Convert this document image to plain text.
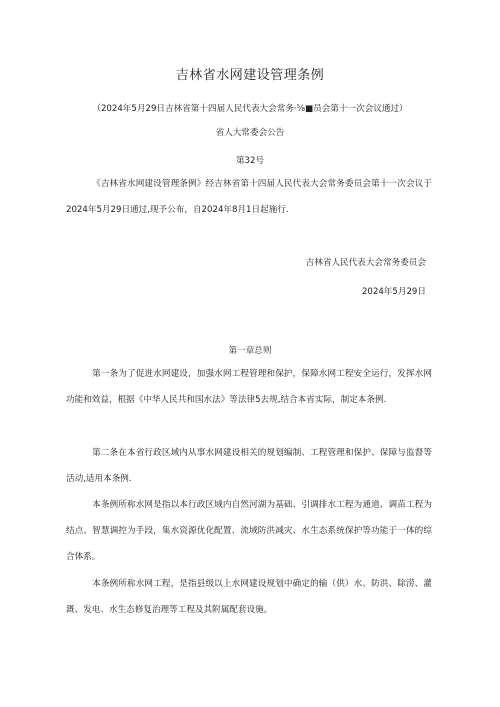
吉林省水网建设管理条例
（2024年5月29日吉林省第十四届人民代表大会常务·⅝■员会第十一次会议通过）
省人大常委会公告
第32号

《吉林省水网建设管理条例》经吉林省第十四届人民代表大会常务委员会第十一次会议于2024年5月29日通过,现予公布，自2024年8月1日起施行.

吉林省人民代表大会常务委员会
2024年5月29日
第一章总则

第一条为了促进水网建设，加强水网工程管理和保护，保障水网工程安全运行，发挥水网功能和效益，根据《中华人民共和国水法》等法律5去规,结合本省实际，制定本条例.

第二条在本省行政区域内从事水网建设相关的规划编制、工程管理和保护、保障与监督等活动,适用本条例.

本条例所称水网是指以本行政区域内自然河湖为基础、引调排水工程为通道、调苗工程为结点、智慧调控为手段，集水资源优化配置、流域防洪减灾、水生态系统保护等功能于一体的综合体系。

本条例所称水网工程，是指县级以上水网建设规划中确定的输（供）水、防洪、除涝、灌溉、发电、水生态修复治理等工程及其附属配套设施。
